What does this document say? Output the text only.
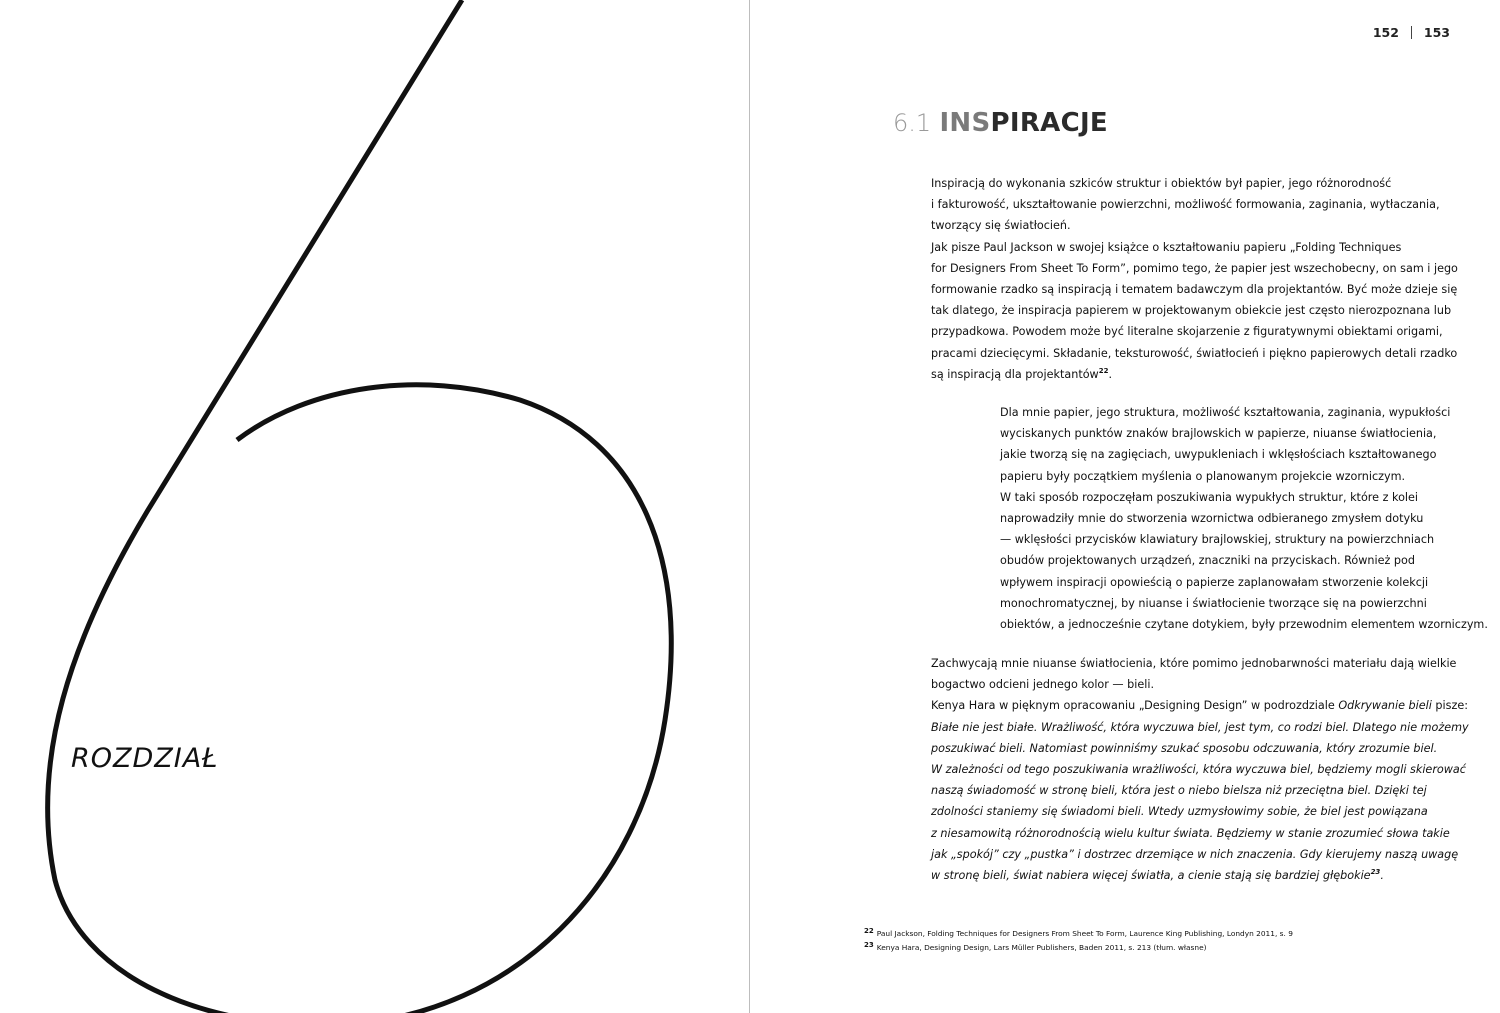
ROZDZIAŁ
152 153
6.1 INSPIRACJE
Inspiracją do wykonania szkiców struktur i obiektów był papier, jego różnorodność
i fakturowość, ukształtowanie powierzchni, możliwość formowania, zaginania, wytłaczania,
tworzący się światłocień.
Jak pisze Paul Jackson w swojej książce o kształtowaniu papieru „Folding Techniques
for Designers From Sheet To Form”, pomimo tego, że papier jest wszechobecny, on sam i jego
formowanie rzadko są inspiracją i tematem badawczym dla projektantów. Być może dzieje się
tak dlatego, że inspiracja papierem w projektowanym obiekcie jest często nierozpoznana lub
przypadkowa. Powodem może być literalne skojarzenie z figuratywnymi obiektami origami,
pracami dziecięcymi. Składanie, teksturowość, światłocień i piękno papierowych detali rzadko
są inspiracją dla projektantów$^{22}$.
Dla mnie papier, jego struktura, możliwość kształtowania, zaginania, wypukłości
wyciskanych punktów znaków brajlowskich w papierze, niuanse światłocienia,
jakie tworzą się na zagięciach, uwypukleniach i wklęsłościach kształtowanego
papieru były początkiem myślenia o planowanym projekcie wzorniczym.
W taki sposób rozpoczęłam poszukiwania wypukłych struktur, które z kolei
naprowadziły mnie do stworzenia wzornictwa odbieranego zmysłem dotyku
— wklęsłości przycisków klawiatury brajlowskiej, struktury na powierzchniach
obudów projektowanych urządzeń, znaczniki na przyciskach. Również pod
wpływem inspiracji opowieścią o papierze zaplanowałam stworzenie kolekcji
monochromatycznej, by niuanse i światłocienie tworzące się na powierzchni
obiektów, a jednocześnie czytane dotykiem, były przewodnim elementem wzorniczym.
Zachwycają mnie niuanse światłocienia, które pomimo jednobarwności materiału dają wielkie
bogactwo odcieni jednego kolor — bieli.
Kenya Hara w pięknym opracowaniu „Designing Design” w podrozdziale Odkrywanie bieli pisze:
Białe nie jest białe. Wrażliwość, która wyczuwa biel, jest tym, co rodzi biel. Dlatego nie możemy
poszukiwać bieli. Natomiast powinniśmy szukać sposobu odczuwania, który zrozumie biel.
W zależności od tego poszukiwania wrażliwości, która wyczuwa biel, będziemy mogli skierować
naszą świadomość w stronę bieli, która jest o niebo bielsza niż przeciętna biel. Dzięki tej
zdolności staniemy się świadomi bieli. Wtedy uzmysłowimy sobie, że biel jest powiązana
z niesamowitą różnorodnością wielu kultur świata. Będziemy w stanie zrozumieć słowa takie
jak „spokój” czy „pustka” i dostrzec drzemiące w nich znaczenia. Gdy kierujemy naszą uwagę
w stronę bieli, świat nabiera więcej światła, a cienie stają się bardziej głębokie$^{23}$.
22 Paul Jackson, Folding Techniques for Designers From Sheet To Form, Laurence King Publishing, Londyn 2011, s. 9
23 Kenya Hara, Designing Design, Lars Müller Publishers, Baden 2011, s. 213 (tłum. własne)
